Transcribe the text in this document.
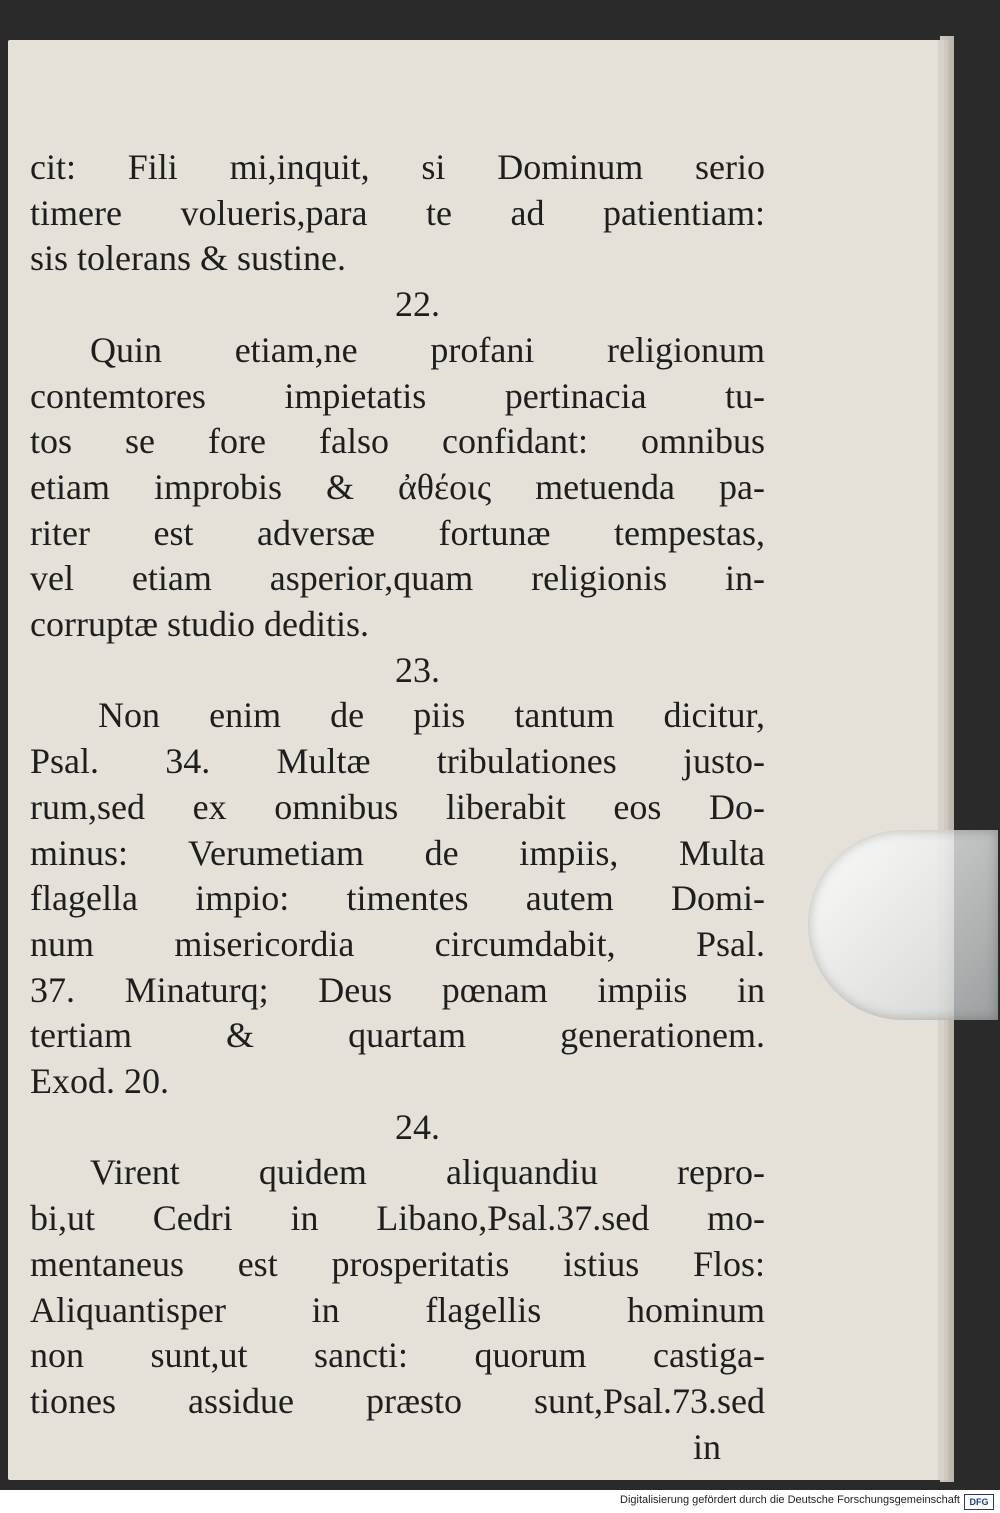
cit: Fili mi,inquit, si Dominum serio
timere volueris,para te ad patientiam:
sis tolerans & sustine.
22.
Quin etiam,ne profani religionum
contemtores impietatis pertinacia tu-
tos se fore falso confidant: omnibus
etiam improbis & ἀθέοις metuenda pa-
riter est adversæ fortunæ tempestas,
vel etiam asperior,quam religionis in-
corruptæ studio deditis.
23.
Non enim de piis tantum dicitur,
Psal. 34. Multæ tribulationes justo-
rum,sed ex omnibus liberabit eos Do-
minus: Verumetiam de impiis, Multa
flagella impio: timentes autem Domi-
num misericordia circumdabit, Psal.
37. Minaturq; Deus pœnam impiis in
tertiam & quartam generationem.
Exod. 20.
24.
Virent quidem aliquandiu repro-
bi,ut Cedri in Libano,Psal.37.sed mo-
mentaneus est prosperitatis istius Flos:
Aliquantisper in flagellis hominum
non sunt,ut sancti: quorum castiga-
tiones assidue præsto sunt,Psal.73.sed
in
Digitalisierung gefördert durch die Deutsche Forschungsgemeinschaft	DFG
